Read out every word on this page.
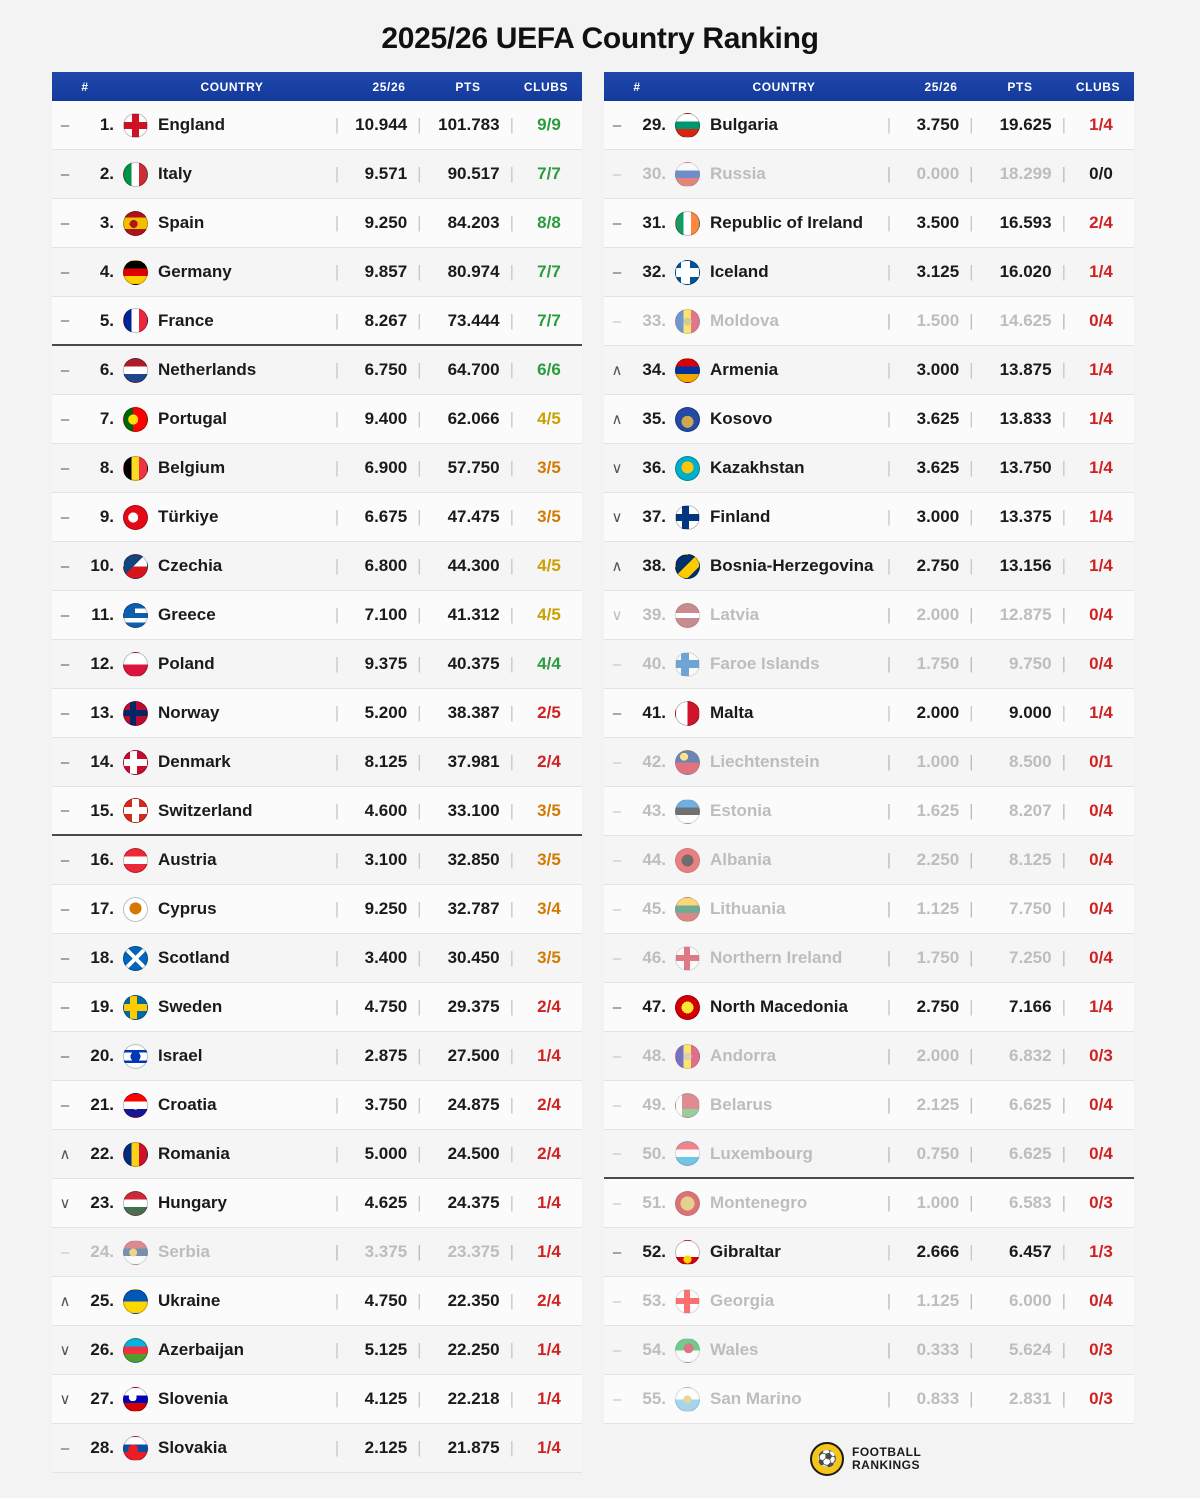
2025/26 UEFA Country Ranking
#	COUNTRY	25/26	PTS	CLUBS
–	1.	England	| 10.944 | 101.783 |	9/9
–	2.	Italy	|	9.571 |	90.517 |	7/7
–	3.	Spain	|	9.250 |	84.203 |	8/8
–	4.	Germany	|	9.857 |	80.974 |	7/7
–	5.	France	|	8.267 |	73.444 |	7/7
–	6.	Netherlands	|	6.750 |	64.700 |	6/6
–	7.	Portugal	|	9.400 |	62.066 |	4/5
–	8.	Belgium	|	6.900 |	57.750 |	3/5
–	9.	Türkiye	|	6.675 |	47.475 |	3/5
–	10.	Czechia	|	6.800 |	44.300 |	4/5
–	11.	Greece	|	7.100 |	41.312 |	4/5
–	12.	Poland	|	9.375 |	40.375 |	4/4
–	13.	Norway	|	5.200 |	38.387 |	2/5
–	14.	Denmark	|	8.125 |	37.981 |	2/4
–	15.	Switzerland	|	4.600 |	33.100 |	3/5
–	16.	Austria	|	3.100 |	32.850 |	3/5
–	17.	Cyprus	|	9.250 |	32.787 |	3/4
–	18.	Scotland	|	3.400 |	30.450 |	3/5
–	19.	Sweden	|	4.750 |	29.375 |	2/4
–	20.	Israel	|	2.875 |	27.500 |	1/4
–	21.	Croatia	|	3.750 |	24.875 |	2/4
∧	22.	Romania	|	5.000 |	24.500 |	2/4
∨	23.	Hungary	|	4.625 |	24.375 |	1/4
–	24.	Serbia	|	3.375 |	23.375 |	1/4
∧	25.	Ukraine	|	4.750 |	22.350 |	2/4
∨	26.	Azerbaijan	|	5.125 |	22.250 |	1/4
∨	27.	Slovenia	|	4.125 |	22.218 |	1/4
–	28.	Slovakia	|	2.125 |	21.875 |	1/4
#	COUNTRY	25/26	PTS	CLUBS
–	29.	Bulgaria	|	3.750 |	19.625 |	1/4
–	30.	Russia	|	0.000 |	18.299 |	0/0
–	31.	Republic of Ireland	|	3.500 |	16.593 |	2/4
–	32.	Iceland	|	3.125 |	16.020 |	1/4
–	33.	Moldova	|	1.500 |	14.625 |	0/4
∧	34.	Armenia	|	3.000 |	13.875 |	1/4
∧	35.	Kosovo	|	3.625 |	13.833 |	1/4
∨	36.	Kazakhstan	|	3.625 |	13.750 |	1/4
∨	37.	Finland	|	3.000 |	13.375 |	1/4
∧	38.	Bosnia-Herzegovina |	2.750 |	13.156 |	1/4
∨	39.	Latvia	|	2.000 |	12.875 |	0/4
–	40.	Faroe Islands	|	1.750 |	9.750 |	0/4
–	41.	Malta	|	2.000 |	9.000 |	1/4
–	42.	Liechtenstein	|	1.000 |	8.500 |	0/1
–	43.	Estonia	|	1.625 |	8.207 |	0/4
–	44.	Albania	|	2.250 |	8.125 |	0/4
–	45.	Lithuania	|	1.125 |	7.750 |	0/4
–	46.	Northern Ireland	|	1.750 |	7.250 |	0/4
–	47.	North Macedonia	|	2.750 |	7.166 |	1/4
–	48.	Andorra	|	2.000 |	6.832 |	0/3
–	49.	Belarus	|	2.125 |	6.625 |	0/4
–	50.	Luxembourg	|	0.750 |	6.625 |	0/4
–	51.	Montenegro	|	1.000 |	6.583 |	0/3
–	52.	Gibraltar	|	2.666 |	6.457 |	1/3
–	53.	Georgia	|	1.125 |	6.000 |	0/4
–	54.	Wales	|	0.333 |	5.624 |	0/3
–	55.	San Marino	|	0.833 |	2.831 |	0/3
⚽	FOOTBALL
RANKINGS
